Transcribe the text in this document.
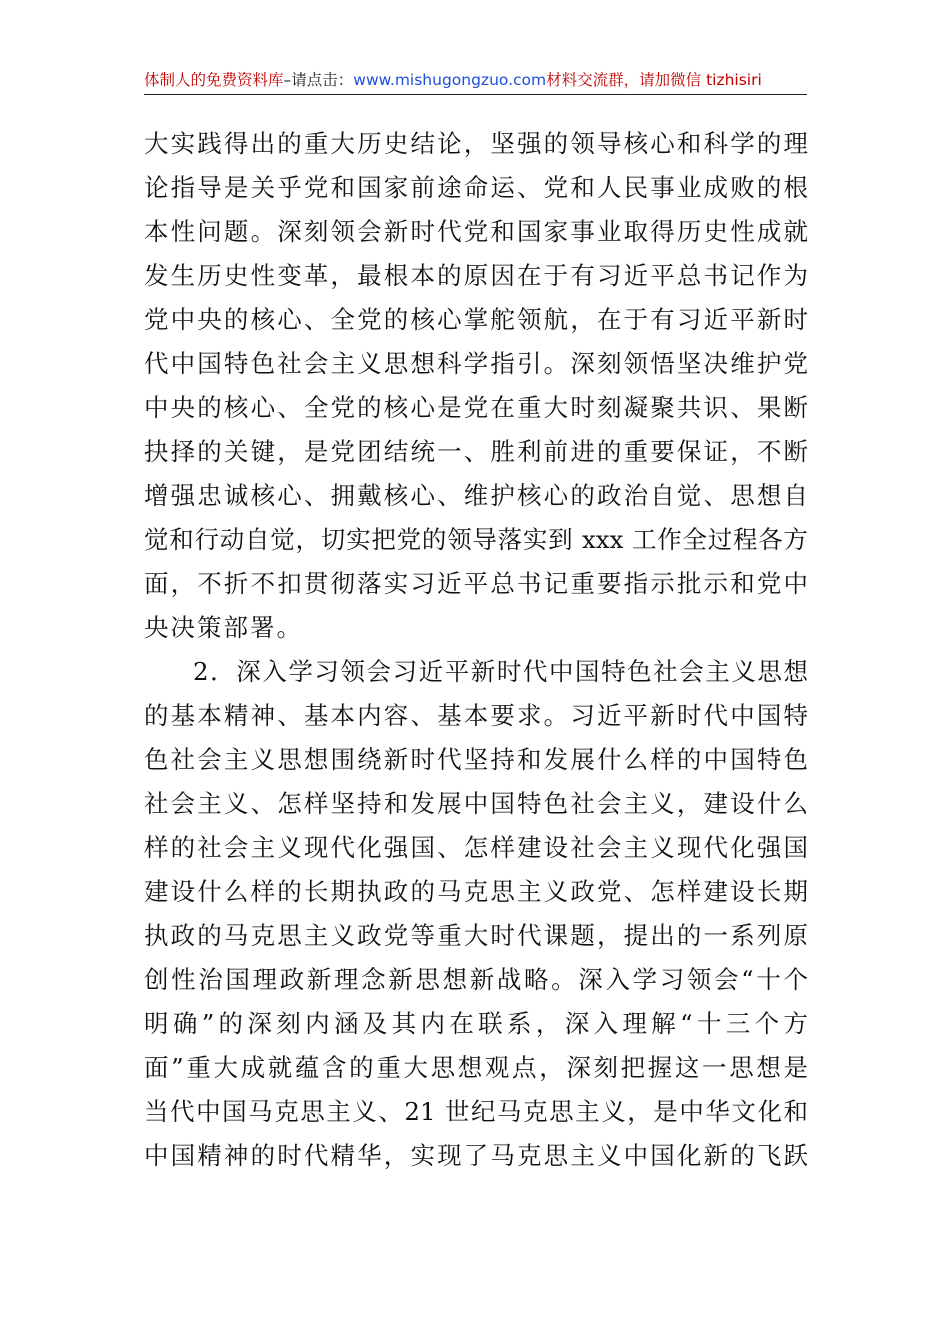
体制人的免费资料库–请点击：www.mishugongzuo.com材料交流群，请加微信 tizhisiri
大实践得出的重大历史结论，坚强的领导核心和科学的理
论指导是关乎党和国家前途命运、党和人民事业成败的根
本性问题。深刻领会新时代党和国家事业取得历史性成就
发生历史性变革，最根本的原因在于有习近平总书记作为
党中央的核心、全党的核心掌舵领航，在于有习近平新时
代中国特色社会主义思想科学指引。深刻领悟坚决维护党
中央的核心、全党的核心是党在重大时刻凝聚共识、果断
抉择的关键，是党团结统一、胜利前进的重要保证，不断
增强忠诚核心、拥戴核心、维护核心的政治自觉、思想自
觉和行动自觉，切实把党的领导落实到 xxx 工作全过程各方
面，不折不扣贯彻落实习近平总书记重要指示批示和党中
央决策部署。
2．深入学习领会习近平新时代中国特色社会主义思想
的基本精神、基本内容、基本要求。习近平新时代中国特
色社会主义思想围绕新时代坚持和发展什么样的中国特色
社会主义、怎样坚持和发展中国特色社会主义，建设什么
样的社会主义现代化强国、怎样建设社会主义现代化强国
建设什么样的长期执政的马克思主义政党、怎样建设长期
执政的马克思主义政党等重大时代课题，提出的一系列原
创性治国理政新理念新思想新战略。深入学习领会“十个
明确”的深刻内涵及其内在联系，深入理解“十三个方
面”重大成就蕴含的重大思想观点，深刻把握这一思想是
当代中国马克思主义、21 世纪马克思主义，是中华文化和
中国精神的时代精华，实现了马克思主义中国化新的飞跃
